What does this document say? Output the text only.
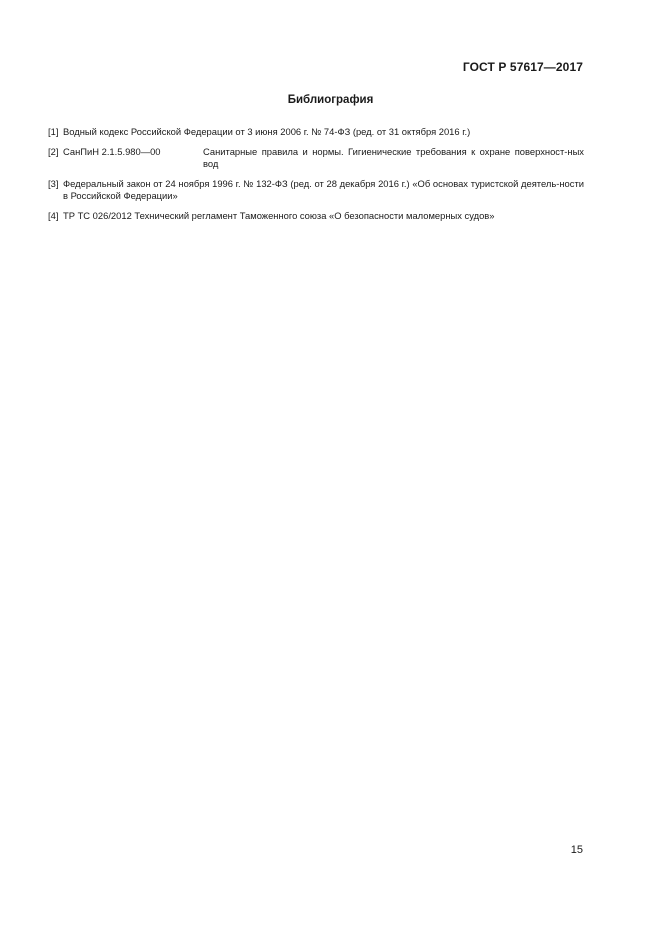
ГОСТ Р 57617—2017
Библиография
[1] Водный кодекс Российской Федерации от 3 июня 2006 г. № 74-ФЗ (ред. от 31 октября 2016 г.)
[2] СанПиН 2.1.5.980—00	Санитарные правила и нормы. Гигиенические требования к охране поверхност-ных вод
[3] Федеральный закон от 24 ноября 1996 г. № 132-ФЗ (ред. от 28 декабря 2016 г.) «Об основах туристской деятель-ности в Российской Федерации»
[4] ТР ТС 026/2012 Технический регламент Таможенного союза «О безопасности маломерных судов»
15
